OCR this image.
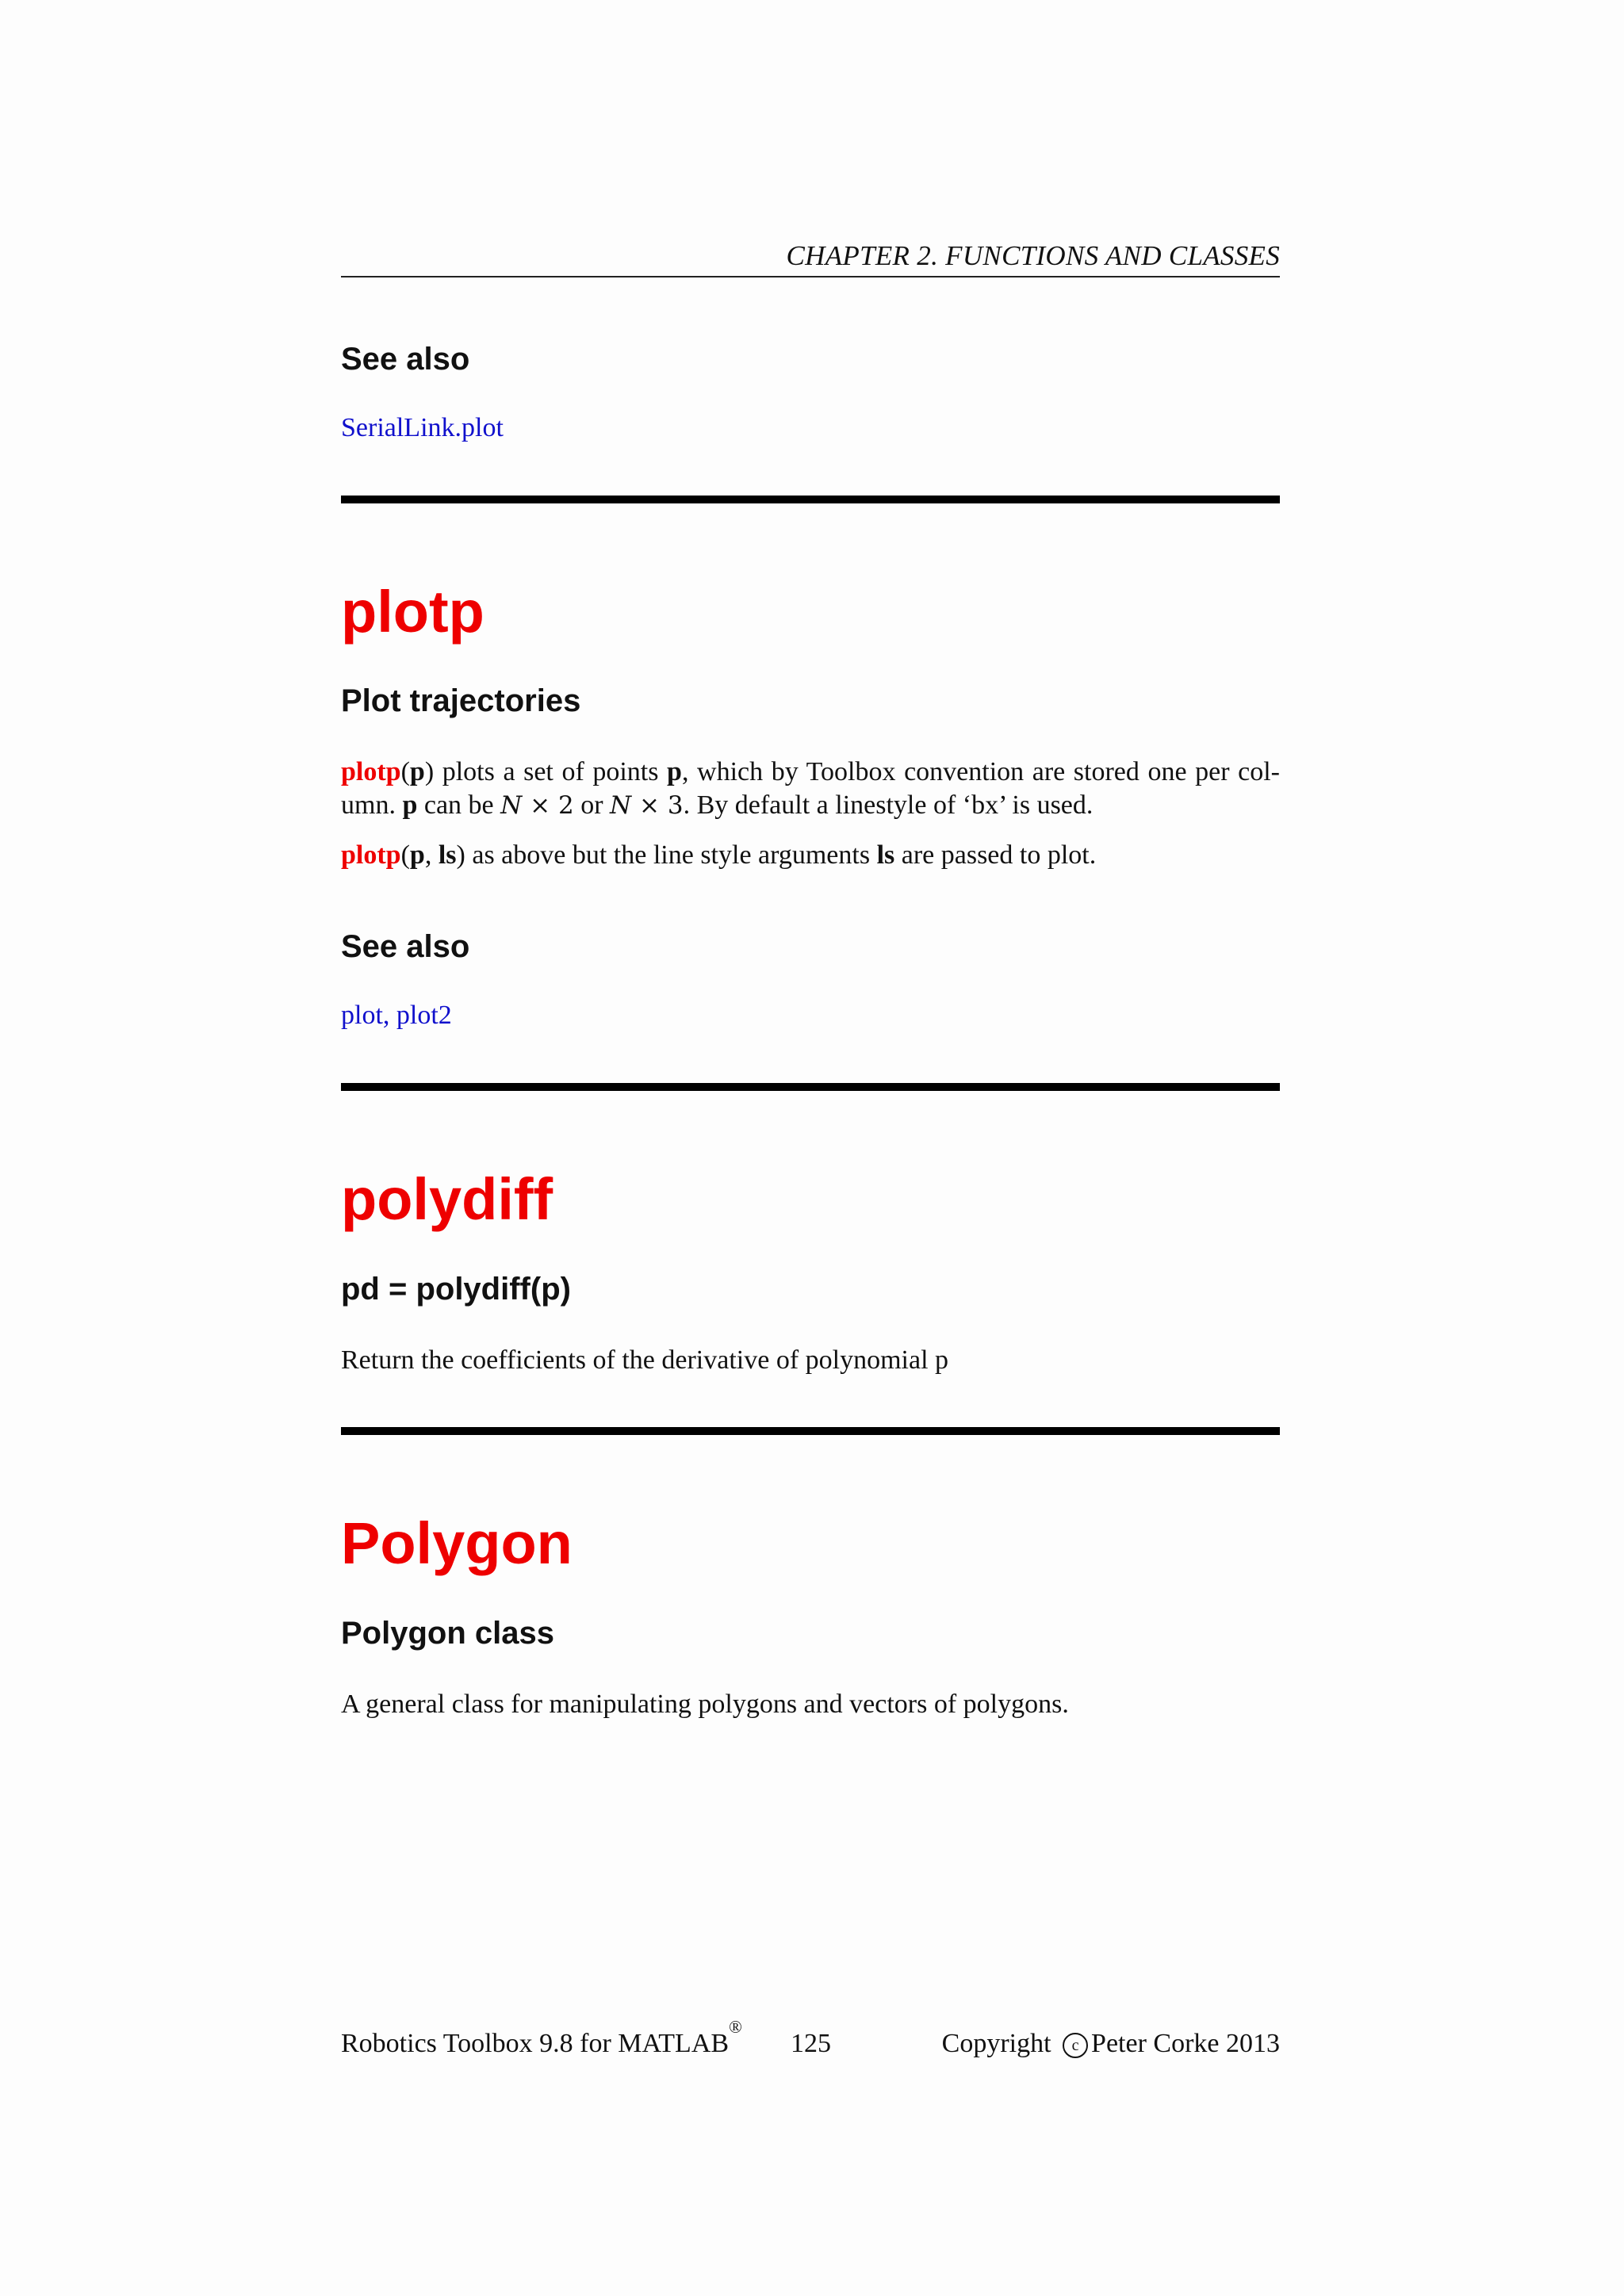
CHAPTER 2. FUNCTIONS AND CLASSES
See also
SerialLink.plot
plotp
Plot trajectories

plotp(p) plots a set of points p, which by Toolbox convention are stored one per col-umn. p can be N × 2 or N × 3. By default a linestyle of ‘bx’ is used.

plotp(p, ls) as above but the line style arguments ls are passed to plot.

See also
plot, plot2
polydiff
pd = polydiff(p)

Return the coefficients of the derivative of polynomial p

Polygon
Polygon class

A general class for manipulating polygons and vectors of polygons.

Robotics Toolbox 9.8 for MATLAB®
125	Copyright c Peter Corke 2013
